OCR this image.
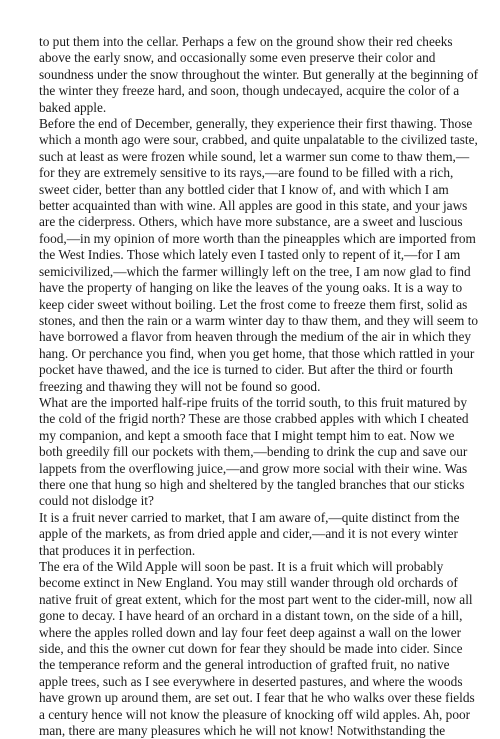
to put them into the cellar. Perhaps a few on the ground show their red cheeks above the early snow, and occasionally some even preserve their color and soundness under the snow throughout the winter. But generally at the beginning of the winter they freeze hard, and soon, though undecayed, acquire the color of a baked apple.

Before the end of December, generally, they experience their first thawing. Those which a month ago were sour, crabbed, and quite unpalatable to the civilized taste, such at least as were frozen while sound, let a warmer sun come to thaw them,—for they are extremely sensitive to its rays,—are found to be filled with a rich, sweet cider, better than any bottled cider that I know of, and with which I am better acquainted than with wine. All apples are good in this state, and your jaws are the ciderpress. Others, which have more substance, are a sweet and luscious food,—in my opinion of more worth than the pineapples which are imported from the West Indies. Those which lately even I tasted only to repent of it,—for I am semicivilized,—which the farmer willingly left on the tree, I am now glad to find have the property of hanging on like the leaves of the young oaks. It is a way to keep cider sweet without boiling. Let the frost come to freeze them first, solid as stones, and then the rain or a warm winter day to thaw them, and they will seem to have borrowed a flavor from heaven through the medium of the air in which they hang. Or perchance you find, when you get home, that those which rattled in your pocket have thawed, and the ice is turned to cider. But after the third or fourth freezing and thawing they will not be found so good.

What are the imported half-ripe fruits of the torrid south, to this fruit matured by the cold of the frigid north? These are those crabbed apples with which I cheated my companion, and kept a smooth face that I might tempt him to eat. Now we both greedily fill our pockets with them,—bending to drink the cup and save our lappets from the overflowing juice,—and grow more social with their wine. Was there one that hung so high and sheltered by the tangled branches that our sticks could not dislodge it?

It is a fruit never carried to market, that I am aware of,—quite distinct from the apple of the markets, as from dried apple and cider,—and it is not every winter that produces it in perfection.

The era of the Wild Apple will soon be past. It is a fruit which will probably become extinct in New England. You may still wander through old orchards of native fruit of great extent, which for the most part went to the cider-mill, now all gone to decay. I have heard of an orchard in a distant town, on the side of a hill, where the apples rolled down and lay four feet deep against a wall on the lower side, and this the owner cut down for fear they should be made into cider. Since the temperance reform and the general introduction of grafted fruit, no native apple trees, such as I see everywhere in deserted pastures, and where the woods have grown up around them, are set out. I fear that he who walks over these fields a century hence will not know the pleasure of knocking off wild apples. Ah, poor man, there are many pleasures which he will not know! Notwithstanding the
